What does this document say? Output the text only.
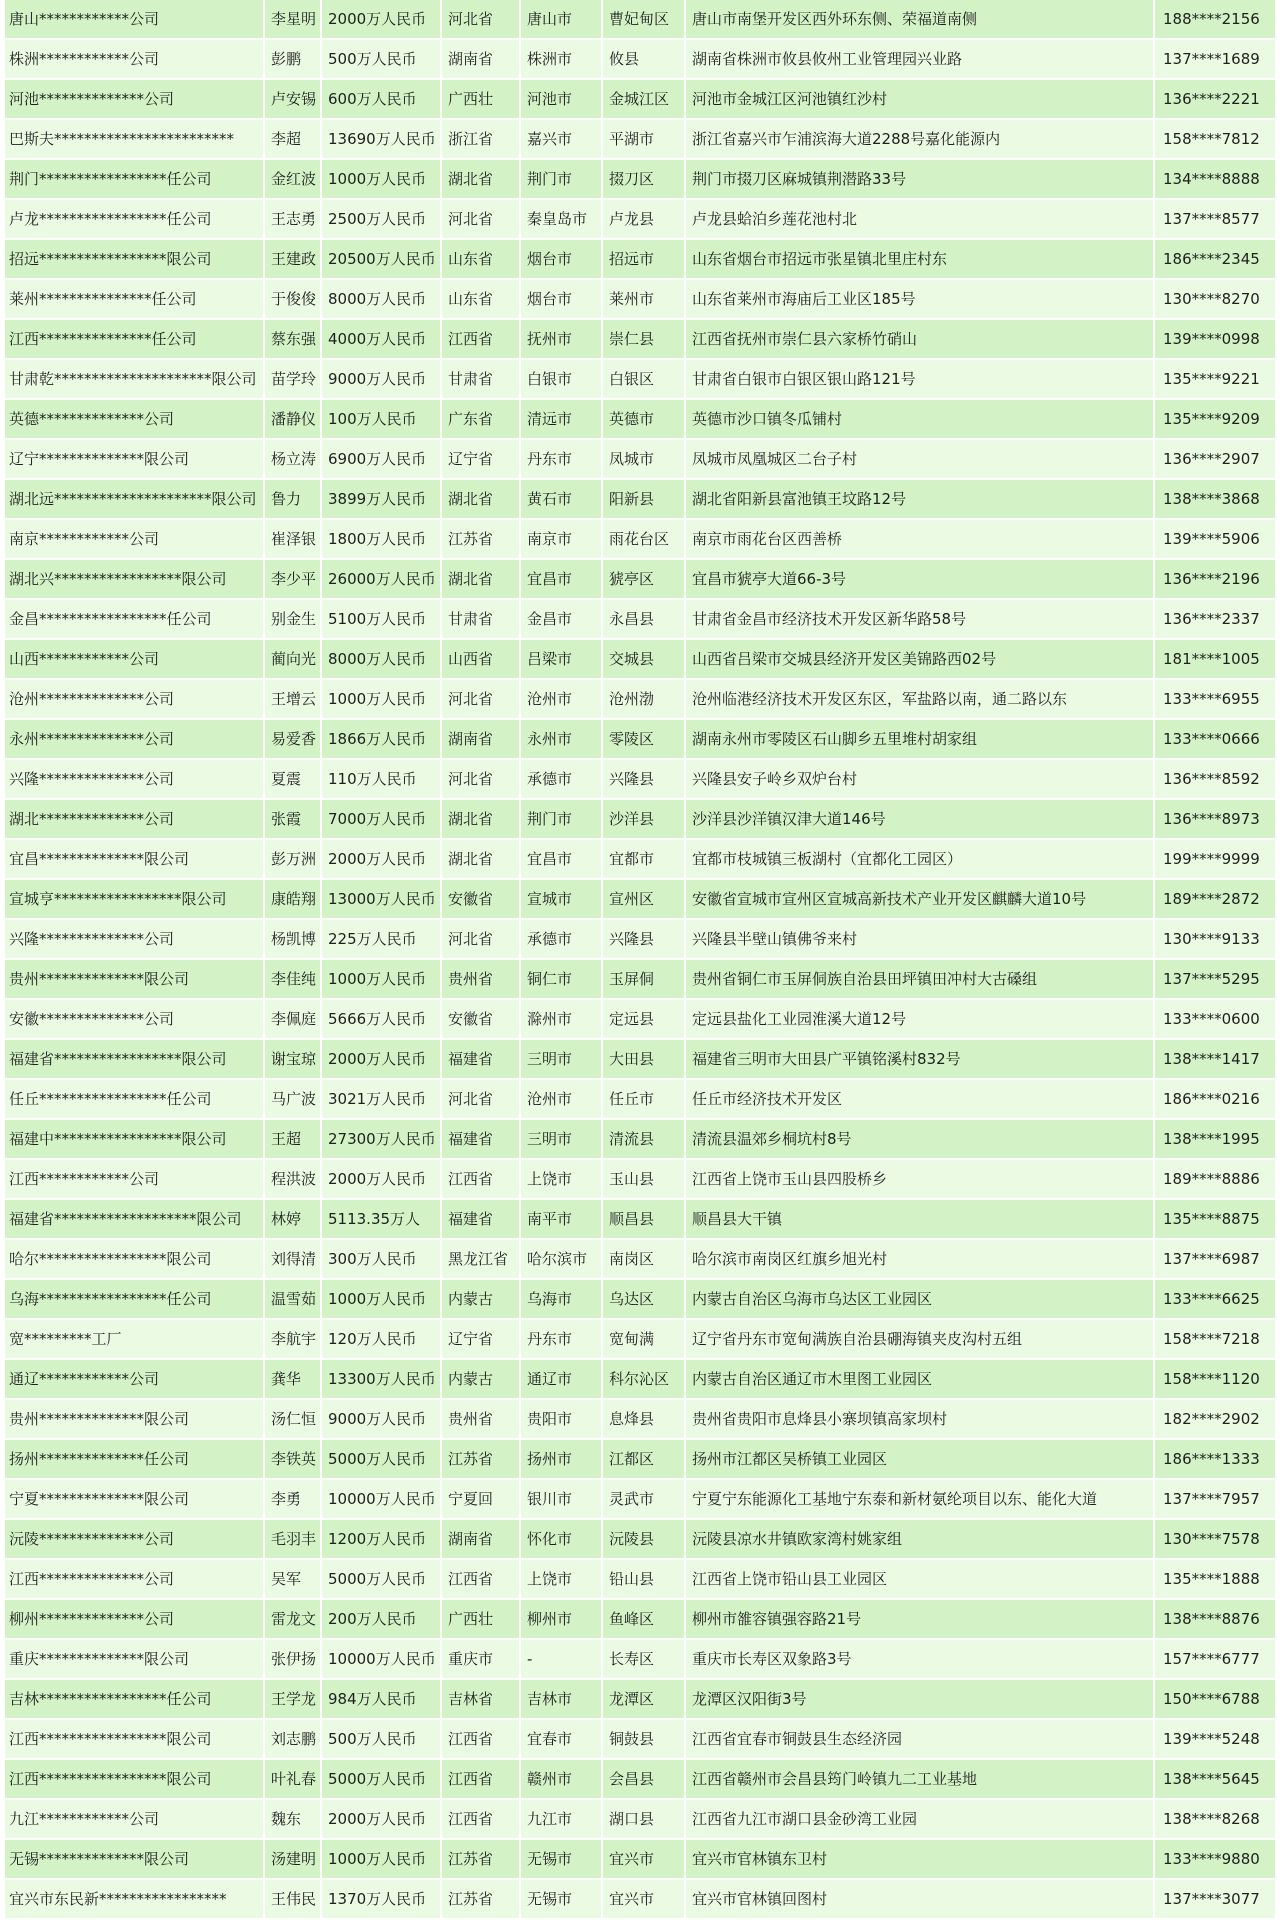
唐山************公司	李星明	2000万人民币	河北省	唐山市	曹妃甸区	唐山市南堡开发区西外环东侧、荣福道南侧	188****2156
株洲************公司	彭鹏	500万人民币	湖南省	株洲市	攸县	湖南省株洲市攸县攸州工业管理园兴业路	137****1689
河池**************公司	卢安锡	600万人民币	广西壮	河池市	金城江区	河池市金城江区河池镇红沙村	136****2221
巴斯夫************************	李超	13690万人民币	浙江省	嘉兴市	平湖市	浙江省嘉兴市乍浦滨海大道2288号嘉化能源内	158****7812
荆门*****************任公司	金红波	1000万人民币	湖北省	荆门市	掇刀区	荆门市掇刀区麻城镇荆潜路33号	134****8888
卢龙*****************任公司	王志勇	2500万人民币	河北省	秦皇岛市	卢龙县	卢龙县蛤泊乡莲花池村北	137****8577
招远*****************限公司	王建政	20500万人民币	山东省	烟台市	招远市	山东省烟台市招远市张星镇北里庄村东	186****2345
莱州***************任公司	于俊俊	8000万人民币	山东省	烟台市	莱州市	山东省莱州市海庙后工业区185号	130****8270
江西***************任公司	蔡东强	4000万人民币	江西省	抚州市	崇仁县	江西省抚州市崇仁县六家桥竹硝山	139****0998
甘肃乾*********************限公司	苗学玲	9000万人民币	甘肃省	白银市	白银区	甘肃省白银市白银区银山路121号	135****9221
英德**************公司	潘静仪	100万人民币	广东省	清远市	英德市	英德市沙口镇冬瓜铺村	135****9209
辽宁**************限公司	杨立涛	6900万人民币	辽宁省	丹东市	凤城市	凤城市凤凰城区二台子村	136****2907
湖北远*********************限公司	鲁力	3899万人民币	湖北省	黄石市	阳新县	湖北省阳新县富池镇王坟路12号	138****3868
南京************公司	崔泽银	1800万人民币	江苏省	南京市	雨花台区	南京市雨花台区西善桥	139****5906
湖北兴*****************限公司	李少平	26000万人民币	湖北省	宜昌市	猇亭区	宜昌市猇亭大道66-3号	136****2196
金昌*****************任公司	别金生	5100万人民币	甘肃省	金昌市	永昌县	甘肃省金昌市经济技术开发区新华路58号	136****2337
山西************公司	蔺向光	8000万人民币	山西省	吕梁市	交城县	山西省吕梁市交城县经济开发区美锦路西02号	181****1005
沧州**************公司	王增云	1000万人民币	河北省	沧州市	沧州渤	沧州临港经济技术开发区东区，军盐路以南，通二路以东	133****6955
永州**************公司	易爱香	1866万人民币	湖南省	永州市	零陵区	湖南永州市零陵区石山脚乡五里堆村胡家组	133****0666
兴隆**************公司	夏震	110万人民币	河北省	承德市	兴隆县	兴隆县安子岭乡双炉台村	136****8592
湖北**************公司	张霞	7000万人民币	湖北省	荆门市	沙洋县	沙洋县沙洋镇汉津大道146号	136****8973
宜昌**************限公司	彭万洲	2000万人民币	湖北省	宜昌市	宜都市	宜都市枝城镇三板湖村（宜都化工园区）	199****9999
宣城亨*****************限公司	康皓翔	13000万人民币	安徽省	宣城市	宣州区	安徽省宣城市宣州区宣城高新技术产业开发区麒麟大道10号	189****2872
兴隆**************公司	杨凯博	225万人民币	河北省	承德市	兴隆县	兴隆县半壁山镇佛爷来村	130****9133
贵州**************限公司	李佳纯	1000万人民币	贵州省	铜仁市	玉屏侗	贵州省铜仁市玉屏侗族自治县田坪镇田冲村大古磉组	137****5295
安徽**************公司	李佩庭	5666万人民币	安徽省	滁州市	定远县	定远县盐化工业园淮溪大道12号	133****0600
福建省*****************限公司	谢宝琼	2000万人民币	福建省	三明市	大田县	福建省三明市大田县广平镇铭溪村832号	138****1417
任丘*****************任公司	马广波	3021万人民币	河北省	沧州市	任丘市	任丘市经济技术开发区	186****0216
福建中*****************限公司	王超	27300万人民币	福建省	三明市	清流县	清流县温郊乡桐坑村8号	138****1995
江西************公司	程洪波	2000万人民币	江西省	上饶市	玉山县	江西省上饶市玉山县四股桥乡	189****8886
福建省*******************限公司	林婷	5113.35万人	福建省	南平市	顺昌县	顺昌县大干镇	135****8875
哈尔*****************限公司	刘得清	300万人民币	黑龙江省	哈尔滨市	南岗区	哈尔滨市南岗区红旗乡旭光村	137****6987
乌海*****************任公司	温雪茹	1000万人民币	内蒙古	乌海市	乌达区	内蒙古自治区乌海市乌达区工业园区	133****6625
宽*********工厂	李航宇	120万人民币	辽宁省	丹东市	宽甸满	辽宁省丹东市宽甸满族自治县硼海镇夹皮沟村五组	158****7218
通辽************公司	龚华	13300万人民币	内蒙古	通辽市	科尔沁区	内蒙古自治区通辽市木里图工业园区	158****1120
贵州**************限公司	汤仁恒	9000万人民币	贵州省	贵阳市	息烽县	贵州省贵阳市息烽县小寨坝镇高家坝村	182****2902
扬州**************任公司	李铁英	5000万人民币	江苏省	扬州市	江都区	扬州市江都区吴桥镇工业园区	186****1333
宁夏**************限公司	李勇	10000万人民币	宁夏回	银川市	灵武市	宁夏宁东能源化工基地宁东泰和新材氨纶项目以东、能化大道	137****7957
沅陵**************公司	毛羽丰	1200万人民币	湖南省	怀化市	沅陵县	沅陵县凉水井镇欧家湾村姚家组	130****7578
江西**************公司	吴军	5000万人民币	江西省	上饶市	铅山县	江西省上饶市铅山县工业园区	135****1888
柳州**************公司	雷龙文	200万人民币	广西壮	柳州市	鱼峰区	柳州市雒容镇强容路21号	138****8876
重庆**************限公司	张伊扬	10000万人民币	重庆市	-	长寿区	重庆市长寿区双象路3号	157****6777
吉林*****************任公司	王学龙	984万人民币	吉林省	吉林市	龙潭区	龙潭区汉阳街3号	150****6788
江西*****************限公司	刘志鹏	500万人民币	江西省	宜春市	铜鼓县	江西省宜春市铜鼓县生态经济园	139****5248
江西*****************限公司	叶礼春	5000万人民币	江西省	赣州市	会昌县	江西省赣州市会昌县筠门岭镇九二工业基地	138****5645
九江************公司	魏东	2000万人民币	江西省	九江市	湖口县	江西省九江市湖口县金砂湾工业园	138****8268
无锡**************限公司	汤建明	1000万人民币	江苏省	无锡市	宜兴市	宜兴市官林镇东卫村	133****9880
宜兴市东民新*****************	王伟民	1370万人民币	江苏省	无锡市	宜兴市	宜兴市官林镇回图村	137****3077
